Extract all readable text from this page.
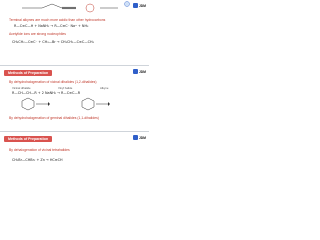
JDM
Terminal alkynes are much more acidic than other hydrocarbons
R—C≡C—H + NaNH₂ → R—C≡C⁻ Na⁺ + NH₃
Acetylide ions are strong nucleophiles
CH₃CH₂—C≡C⁻ + CH₃—Br → CH₃CH₂—C≡C—CH₃
Methods of Preparation	JDM
By dehydrohalogenation of vicinal dihalides (1,2-dihalides)
Vicinal dihalide	Vinyl halide	Alkyne
R—CH—CH—R + 2 NaNH₂ → R—C≡C—R
By dehydrohalogenation of geminal dihalides (1,1-dihalides)
Methods of Preparation	JDM
By dehalogenation of vicinal tetrahalides
CH₂Br—CHBr₂ + Zn → HC≡CH
